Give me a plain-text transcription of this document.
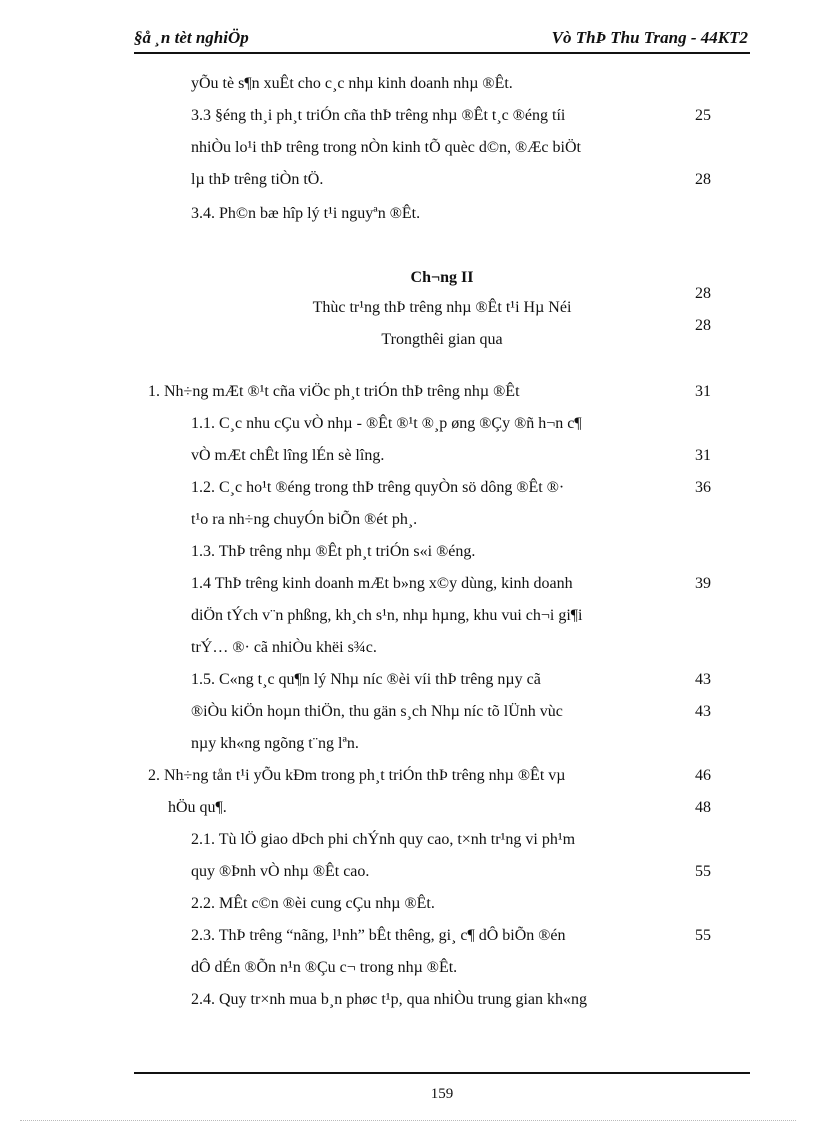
§å ¸n tèt nghiÖp	Vò ThÞ Thu Trang - 44KT2
yÕu tè s¶n xuÊt cho c¸c nhµ kinh doanh nhµ ®Êt.
3.3 §éng th¸i ph¸t triÓn cña thÞ trêng nhµ ®Êt t¸c ®éng tíi
nhiÒu lo¹i thÞ trêng trong nÒn kinh tÕ quèc d©n, ®Æc biÖt
lµ thÞ trêng tiÒn tÖ.
3.4. Ph©n bæ hîp lý t¹i nguyªn ®Êt.
Ch¬ng II
Thùc tr¹ng thÞ trêng nhµ ®Êt t¹i Hµ Néi
Trongthêi gian qua
1. Nh÷ng mÆt ®¹t cña viÖc ph¸t triÓn thÞ trêng nhµ ®Êt
1.1. C¸c nhu cÇu vÒ nhµ - ®Êt ®¹t ®¸p øng ®Çy ®ñ h¬n c¶
vÒ mÆt chÊt lîng lÉn sè lîng.
1.2. C¸c ho¹t ®éng trong thÞ trêng quyÒn sö dông ®Êt ®·
t¹o ra nh÷ng chuyÓn biÕn ®ét ph¸.
1.3. ThÞ trêng nhµ ®Êt ph¸t triÓn s«i ®éng.
1.4 ThÞ trêng kinh doanh mÆt b»ng x©y dùng, kinh doanh
diÖn tÝch v¨n phßng, kh¸ch s¹n, nhµ hµng, khu vui ch¬i gi¶i
trÝ… ®· cã nhiÒu khëi s¾c.
1.5. C«ng t¸c qu¶n lý Nhµ níc ®èi víi thÞ trêng nµy cã
®iÒu kiÖn hoµn thiÖn, thu gän s¸ch Nhµ níc tõ lÜnh vùc
nµy kh«ng ngõng t¨ng lªn.
2. Nh÷ng tån t¹i yÕu kÐm trong ph¸t triÓn thÞ trêng nhµ ®Êt vµ
hÖu qu¶.
2.1. Tù lÖ giao dÞch phi chÝnh quy cao, t×nh tr¹ng vi ph¹m
quy ®Þnh vÒ nhµ ®Êt cao.
2.2. MÊt c©n ®èi cung cÇu nhµ ®Êt.
2.3. ThÞ trêng “nãng, l¹nh” bÊt thêng, gi¸ c¶ dÔ biÕn ®én
dÔ dÉn ®Õn n¹n ®Çu c¬ trong nhµ ®Êt.
2.4. Quy tr×nh mua b¸n phøc t¹p, qua nhiÒu trung gian kh«ng
25
28
28
28
31
31
36
39
43
43
46
48
55
55
159
